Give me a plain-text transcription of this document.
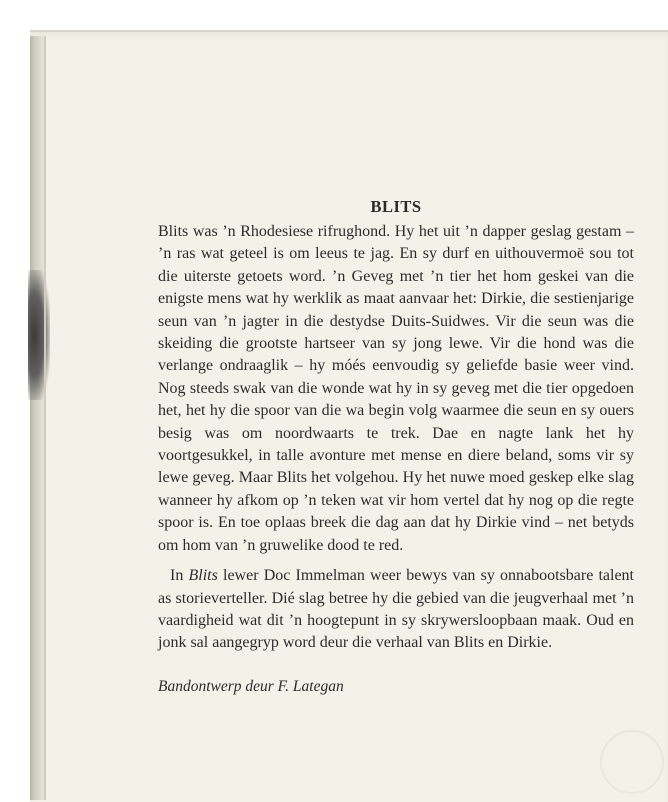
BLITS

Blits was ’n Rhodesiese rifrughond. Hy het uit ’n dapper geslag gestam – ’n ras wat geteel is om leeus te jag. En sy durf en uithouvermoë sou tot die uiterste getoets word. ’n Geveg met ’n tier het hom geskei van die enigste mens wat hy werklik as maat aanvaar het: Dirkie, die sestienjarige seun van ’n jagter in die destydse Duits-Suidwes. Vir die seun was die skeiding die grootste hartseer van sy jong lewe. Vir die hond was die verlange ondraaglik – hy móés eenvoudig sy geliefde basie weer vind. Nog steeds swak van die wonde wat hy in sy geveg met die tier opgedoen het, het hy die spoor van die wa begin volg waarmee die seun en sy ouers besig was om noordwaarts te trek. Dae en nagte lank het hy voortgesukkel, in talle avonture met mense en diere beland, soms vir sy lewe geveg. Maar Blits het volgehou. Hy het nuwe moed geskep elke slag wanneer hy afkom op ’n teken wat vir hom vertel dat hy nog op die regte spoor is. En toe oplaas breek die dag aan dat hy Dirkie vind – net betyds om hom van ’n gruwelike dood te red.

In Blits lewer Doc Immelman weer bewys van sy onnabootsbare talent as storieverteller. Dié slag betree hy die gebied van die jeugverhaal met ’n vaardigheid wat dit ’n hoogtepunt in sy skrywersloopbaan maak. Oud en jonk sal aangegryp word deur die verhaal van Blits en Dirkie.

Bandontwerp deur F. Lategan
